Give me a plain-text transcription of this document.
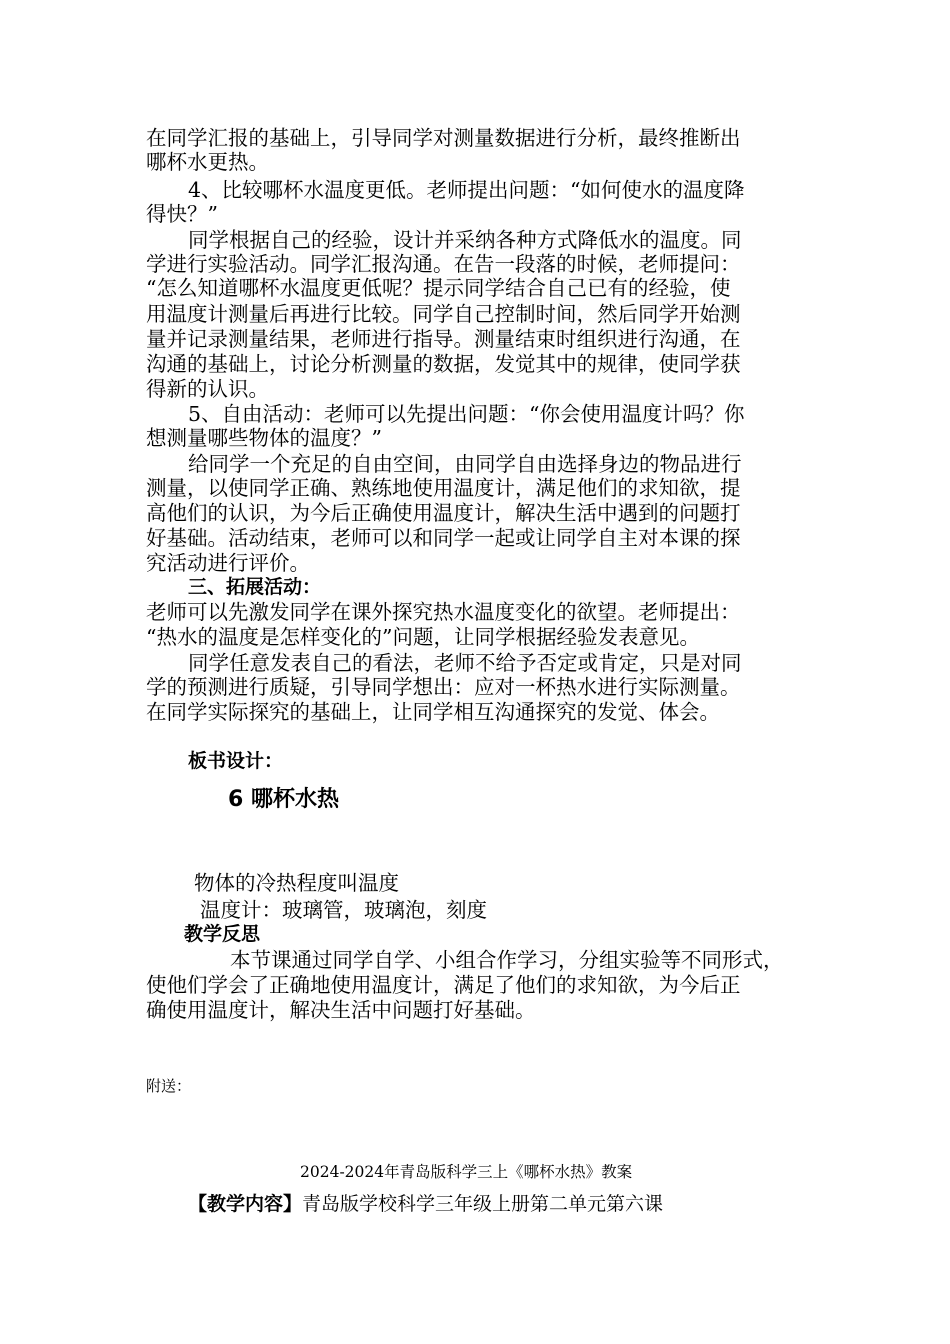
在同学汇报的基础上，引导同学对测量数据进行分析，最终推断出
哪杯水更热。
4、比较哪杯水温度更低。老师提出问题：“如何使水的温度降
得快？”
同学根据自己的经验，设计并采纳各种方式降低水的温度。同
学进行实验活动。同学汇报沟通。在告一段落的时候，老师提问：
“怎么知道哪杯水温度更低呢？提示同学结合自己已有的经验，使
用温度计测量后再进行比较。同学自己控制时间，然后同学开始测
量并记录测量结果，老师进行指导。测量结束时组织进行沟通，在
沟通的基础上，讨论分析测量的数据，发觉其中的规律，使同学获
得新的认识。
5、自由活动：老师可以先提出问题：“你会使用温度计吗？你
想测量哪些物体的温度？”
给同学一个充足的自由空间，由同学自由选择身边的物品进行
测量，以使同学正确、熟练地使用温度计，满足他们的求知欲，提
高他们的认识，为今后正确使用温度计，解决生活中遇到的问题打
好基础。活动结束，老师可以和同学一起或让同学自主对本课的探
究活动进行评价。
三、拓展活动：
老师可以先激发同学在课外探究热水温度变化的欲望。老师提出：
“热水的温度是怎样变化的”问题，让同学根据经验发表意见。
同学任意发表自己的看法，老师不给予否定或肯定，只是对同
学的预测进行质疑，引导同学想出：应对一杯热水进行实际测量。
在同学实际探究的基础上，让同学相互沟通探究的发觉、体会。
板书设计：
6 哪杯水热
物体的冷热程度叫温度
温度计：玻璃管，玻璃泡，刻度
教学反思
本节课通过同学自学、小组合作学习，分组实验等不同形式，
使他们学会了正确地使用温度计，满足了他们的求知欲，为今后正
确使用温度计，解决生活中问题打好基础。
附送：
2024-2024年青岛版科学三上《哪杯水热》教案
【教学内容】青岛版学校科学三年级上册第二单元第六课
